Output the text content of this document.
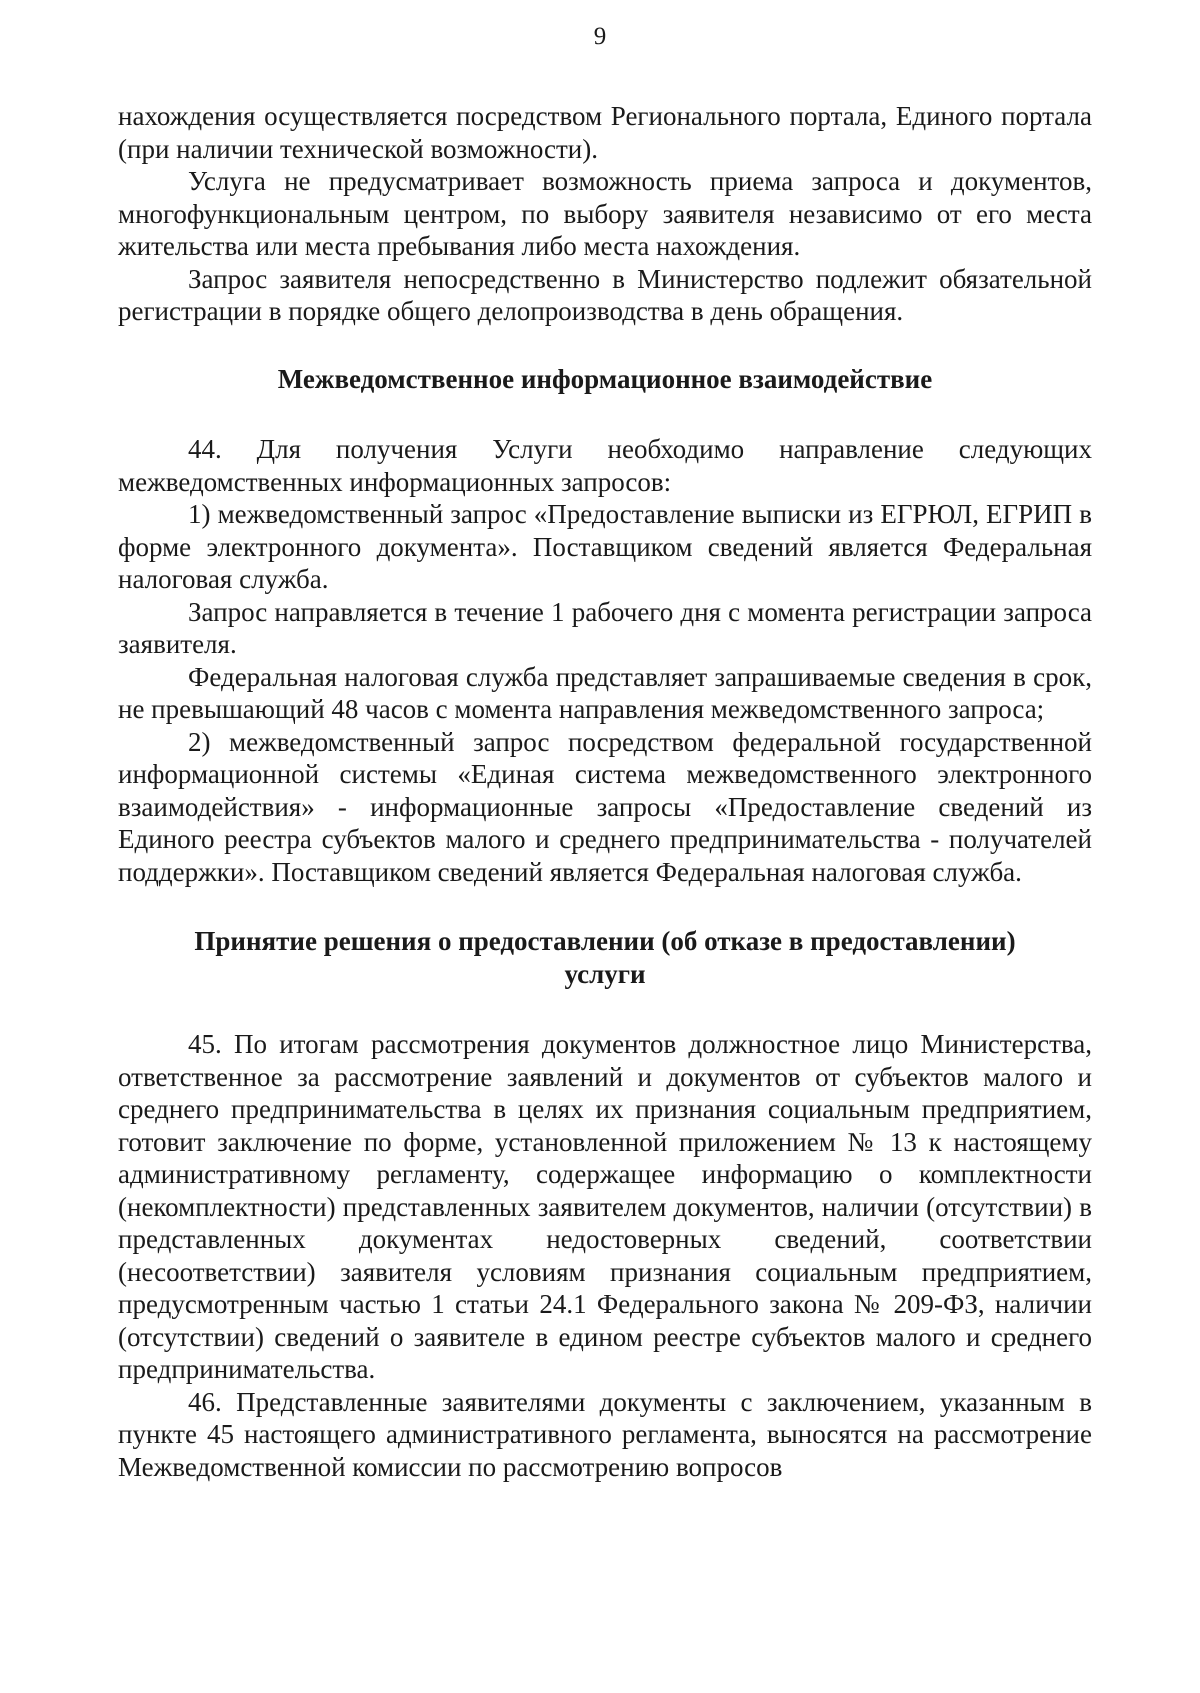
9

нахождения осуществляется посредством Регионального портала, Единого портала (при наличии технической возможности).

Услуга не предусматривает возможность приема запроса и документов, многофункциональным центром, по выбору заявителя независимо от его места жительства или места пребывания либо места нахождения.

Запрос заявителя непосредственно в Министерство подлежит обязательной регистрации в порядке общего делопроизводства в день обращения.

Межведомственное информационное взаимодействие

44. Для получения Услуги необходимо направление следующих межведомственных информационных запросов:

1) межведомственный запрос «Предоставление выписки из ЕГРЮЛ, ЕГРИП в форме электронного документа». Поставщиком сведений является Федеральная налоговая служба.

Запрос направляется в течение 1 рабочего дня с момента регистрации запроса заявителя.

Федеральная налоговая служба представляет запрашиваемые сведения в срок, не превышающий 48 часов с момента направления межведомственного запроса;

2) межведомственный запрос посредством федеральной государственной информационной системы «Единая система межведомственного электронного взаимодействия» - информационные запросы «Предоставление сведений из Единого реестра субъектов малого и среднего предпринимательства - получателей поддержки». Поставщиком сведений является Федеральная налоговая служба.

Принятие решения о предоставлении (об отказе в предоставлении)
услуги

45. По итогам рассмотрения документов должностное лицо Министерства, ответственное за рассмотрение заявлений и документов от субъектов малого и среднего предпринимательства в целях их признания социальным предприятием, готовит заключение по форме, установленной приложением № 13 к настоящему административному регламенту, содержащее информацию о комплектности (некомплектности) представленных заявителем документов, наличии (отсутствии) в представленных документах недостоверных сведений, соответствии (несоответствии) заявителя условиям признания социальным предприятием, предусмотренным частью 1 статьи 24.1 Федерального закона № 209-ФЗ, наличии (отсутствии) сведений о заявителе в едином реестре субъектов малого и среднего предпринимательства.

46. Представленные заявителями документы с заключением, указанным в пункте 45 настоящего административного регламента, выносятся на рассмотрение Межведомственной комиссии по рассмотрению вопросов
